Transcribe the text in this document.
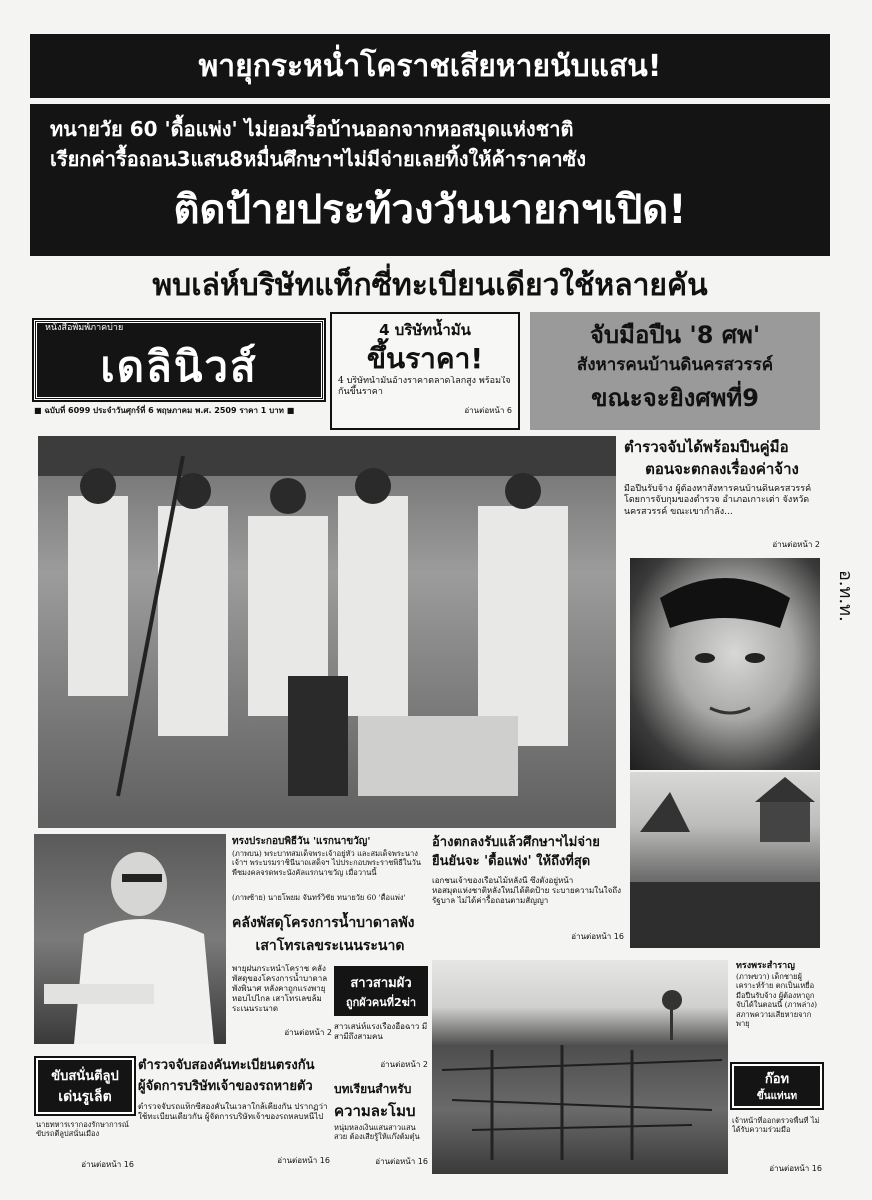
พายุกระหน่ำโคราชเสียหายนับแสน!
ทนายวัย 60 'ดื้อแพ่ง' ไม่ยอมรื้อบ้านออกจากหอสมุดแห่งชาติ
เรียกค่ารื้อถอน3แสน8หมื่นศึกษาฯไม่มีจ่ายเลยทิ้งให้ค้าราคาซัง
ติดป้ายประท้วงวันนายกฯเปิด!
พบเล่ห์บริษัทแท็กซี่ทะเบียนเดียวใช้หลายคัน
หนังสือพิมพ์ภาคบ่าย
เดลินิวส์
■ ฉบับที่ 6099 ประจำวันศุกร์ที่ 6 พฤษภาคม พ.ศ. 2509 ราคา 1 บาท ■
4 บริษัทน้ำมัน
ขึ้นราคา!
4 บริษัทน้ำมันอ้างราคาตลาดโลกสูง พร้อมใจกันขึ้นราคา
อ่านต่อหน้า 6
จับมือปืน '8 ศพ'
สังหารคนบ้านดินครสวรรค์
ขณะจะยิงศพที่9
ตำรวจจับได้พร้อมปืนคู่มือ
ตอนจะตกลงเรื่องค่าจ้าง
มือปืนรับจ้าง ผู้ต้องหาสังหารคนบ้านดินครสวรรค์ โดยการจับกุมของตำรวจ อำเภอเกาะเต่า จังหวัดนครสวรรค์ ขณะเขากำลัง...
อ่านต่อหน้า 2
อ.ท.ท.
ทรงพระสำราญ
(ภาพขวา) เด็กชายผู้เคราะห์ร้าย ตกเป็นเหยื่อมือปืนรับจ้าง ผู้ต้องหาถูกจับได้ในตอนนี้ (ภาพล่าง) สภาพความเสียหายจากพายุ
ทรงประกอบพิธีวัน 'แรกนาขวัญ'
(ภาพบน) พระบาทสมเด็จพระเจ้าอยู่หัว และสมเด็จพระนางเจ้าฯ พระบรมราชินีนาถเสด็จฯ ไปประกอบพระราชพิธีในวันพืชมงคลจรดพระนังคัลแรกนาขวัญ เมื่อวานนี้
(ภาพซ้าย) นายโพยม จันทร์วิชัย ทนายวัย 60 'ดื้อแพ่ง'
อ้างตกลงรับแล้วศึกษาฯไม่จ่าย
ยืนยันจะ 'ดื้อแพ่ง' ให้ถึงที่สุด
เอกชนเจ้าของเรือนไม้หลังนี้ ซึ่งตั้งอยู่หน้าหอสมุดแห่งชาติหลังใหม่ได้ติดป้าย ระบายความในใจถึงรัฐบาล ไม่ได้ค่ารื้อถอนตามสัญญา
อ่านต่อหน้า 16
คลังพัสดุโครงการน้ำบาดาลพัง
เสาโทรเลขระเนนระนาด
พายุฝนกระหน่ำโคราช คลังพัสดุของโครงการน้ำบาดาลพังพินาศ หลังคาถูกแรงพายุหอบไปไกล เสาโทรเลขล้มระเนนระนาด
อ่านต่อหน้า 2
สาวสามผัว
ถูกผัวคนที่2ฆ่า
สาวเสน่ห์แรงเรื่องอื้อฉาว มีสามีถึงสามคน
อ่านต่อหน้า 2
บทเรียนสำหรับ
ความละโมบ
หนุ่มหลงเงินแสนสาวแสนสวย ต้องเสียรู้ให้แก๊งต้มตุ๋น
อ่านต่อหน้า 16
ตำรวจจับสองคันทะเบียนตรงกัน
ผู้จัดการบริษัทเจ้าของรถหายตัว
ตำรวจจับรถแท็กซี่สองคันในเวลาใกล้เคียงกัน ปรากฏว่าใช้ทะเบียนเดียวกัน ผู้จัดการบริษัทเจ้าของรถหลบหนีไป
อ่านต่อหน้า 16
ขับสนั่นตีลูป
เด่นรูเล็ต
นายทหารเรากองรักษาการณ์ขับรถตีลูปสนั่นเมือง
อ่านต่อหน้า 16
ก๊อท
ขึ้นแท่นท
เจ้าหน้าที่ออกตรวจพื้นที่ ไม่ได้รับความร่วมมือ
อ่านต่อหน้า 16
